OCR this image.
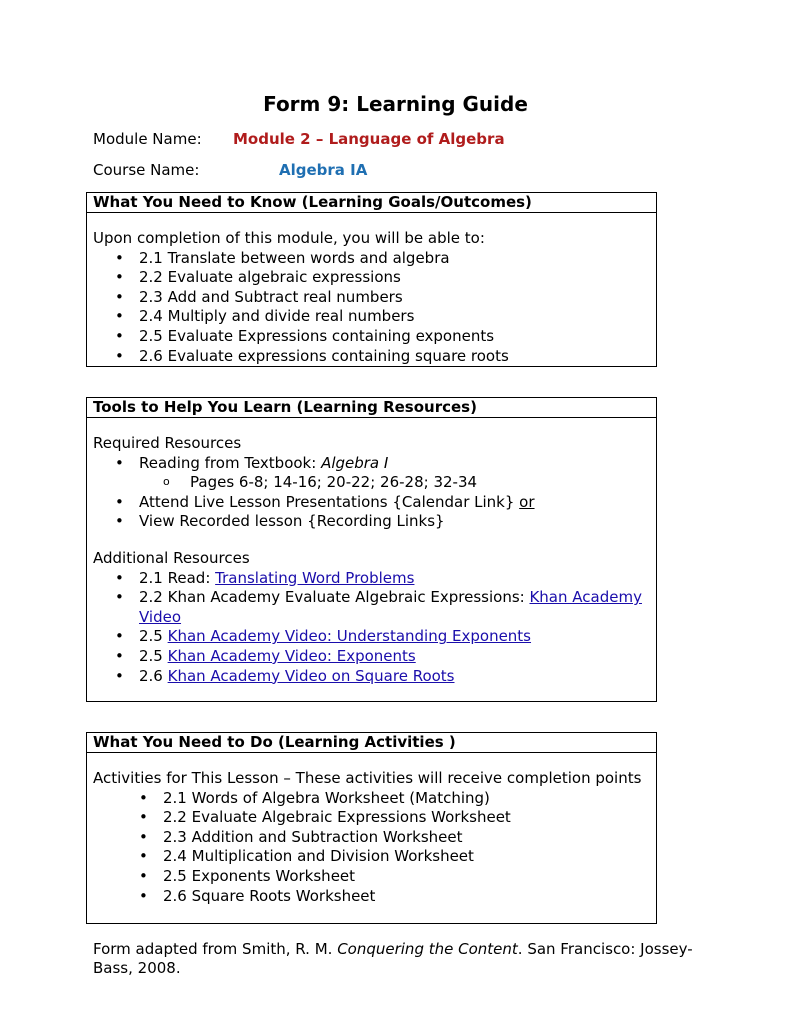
Form 9: Learning Guide
Module Name: Module 2 – Language of Algebra
Course Name:	Algebra IA
What You Need to Know (Learning Goals/Outcomes)
Upon completion of this module, you will be able to:
• 2.1 Translate between words and algebra
• 2.2 Evaluate algebraic expressions
• 2.3 Add and Subtract real numbers
• 2.4 Multiply and divide real numbers
• 2.5 Evaluate Expressions containing exponents
• 2.6 Evaluate expressions containing square roots
Tools to Help You Learn (Learning Resources)
Required Resources
• Reading from Textbook: Algebra I
o Pages 6-8; 14-16; 20-22; 26-28; 32-34
• Attend Live Lesson Presentations {Calendar Link} or
• View Recorded lesson {Recording Links}
Additional Resources
• 2.1 Read: Translating Word Problems
• 2.2 Khan Academy Evaluate Algebraic Expressions: Khan Academy Video
• 2.5 Khan Academy Video: Understanding Exponents
• 2.5 Khan Academy Video: Exponents
• 2.6 Khan Academy Video on Square Roots
What You Need to Do (Learning Activities )
Activities for This Lesson – These activities will receive completion points
• 2.1 Words of Algebra Worksheet (Matching)
• 2.2 Evaluate Algebraic Expressions Worksheet
• 2.3 Addition and Subtraction Worksheet
• 2.4 Multiplication and Division Worksheet
• 2.5 Exponents Worksheet
• 2.6 Square Roots Worksheet
Form adapted from Smith, R. M. Conquering the Content. San Francisco: Jossey-Bass, 2008.
